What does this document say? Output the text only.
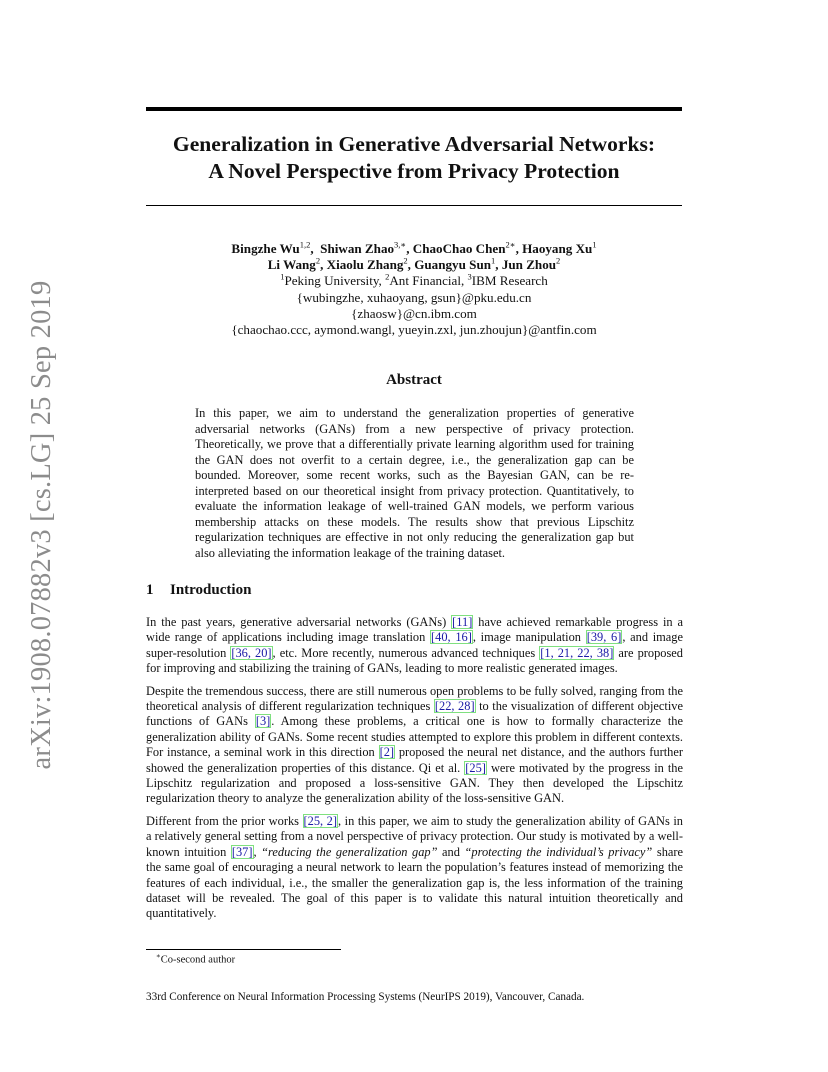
arXiv:1908.07882v3 [cs.LG] 25 Sep 2019
Generalization in Generative Adversarial Networks:
A Novel Perspective from Privacy Protection
Bingzhe Wu$^{1,2}$,  Shiwan Zhao$^{3,∗}$, ChaoChao Chen$^{2∗}$, Haoyang Xu$^1$
Li Wang$^2$, Xiaolu Zhang$^2$, Guangyu Sun$^1$, Jun Zhou$^2$
$^1$Peking University, $^2$Ant Financial, $^3$IBM Research
{wubingzhe, xuhaoyang, gsun}@pku.edu.cn
{zhaosw}@cn.ibm.com
{chaochao.ccc, aymond.wangl, yueyin.zxl, jun.zhoujun}@antfin.com
Abstract
In this paper, we aim to understand the generalization properties of generative adversarial networks (GANs) from a new perspective of privacy protection. Theoretically, we prove that a differentially private learning algorithm used for training the GAN does not overfit to a certain degree, i.e., the generalization gap can be bounded. Moreover, some recent works, such as the Bayesian GAN, can be re-interpreted based on our theoretical insight from privacy protection. Quantitatively, to evaluate the information leakage of well-trained GAN models, we perform various membership attacks on these models. The results show that previous Lipschitz regularization techniques are effective in not only reducing the generalization gap but also alleviating the information leakage of the training dataset.
1 Introduction

In the past years, generative adversarial networks (GANs) [11] have achieved remarkable progress in a wide range of applications including image translation [40, 16], image manipulation [39, 6], and image super-resolution [36, 20], etc. More recently, numerous advanced techniques [1, 21, 22, 38] are proposed for improving and stabilizing the training of GANs, leading to more realistic generated images.

Despite the tremendous success, there are still numerous open problems to be fully solved, ranging from the theoretical analysis of different regularization techniques [22, 28] to the visualization of different objective functions of GANs [3]. Among these problems, a critical one is how to formally characterize the generalization ability of GANs. Some recent studies attempted to explore this problem in different contexts. For instance, a seminal work in this direction [2] proposed the neural net distance, and the authors further showed the generalization properties of this distance. Qi et al. [25] were motivated by the progress in the Lipschitz regularization and proposed a loss-sensitive GAN. They then developed the Lipschitz regularization theory to analyze the generalization ability of the loss-sensitive GAN.

Different from the prior works [25, 2], in this paper, we aim to study the generalization ability of GANs in a relatively general setting from a novel perspective of privacy protection. Our study is motivated by a well-known intuition [37], “reducing the generalization gap” and “protecting the individual’s privacy” share the same goal of encouraging a neural network to learn the population’s features instead of memorizing the features of each individual, i.e., the smaller the generalization gap is, the less information of the training dataset will be revealed. The goal of this paper is to validate this natural intuition theoretically and quantitatively.

∗Co-second author
33rd Conference on Neural Information Processing Systems (NeurIPS 2019), Vancouver, Canada.
